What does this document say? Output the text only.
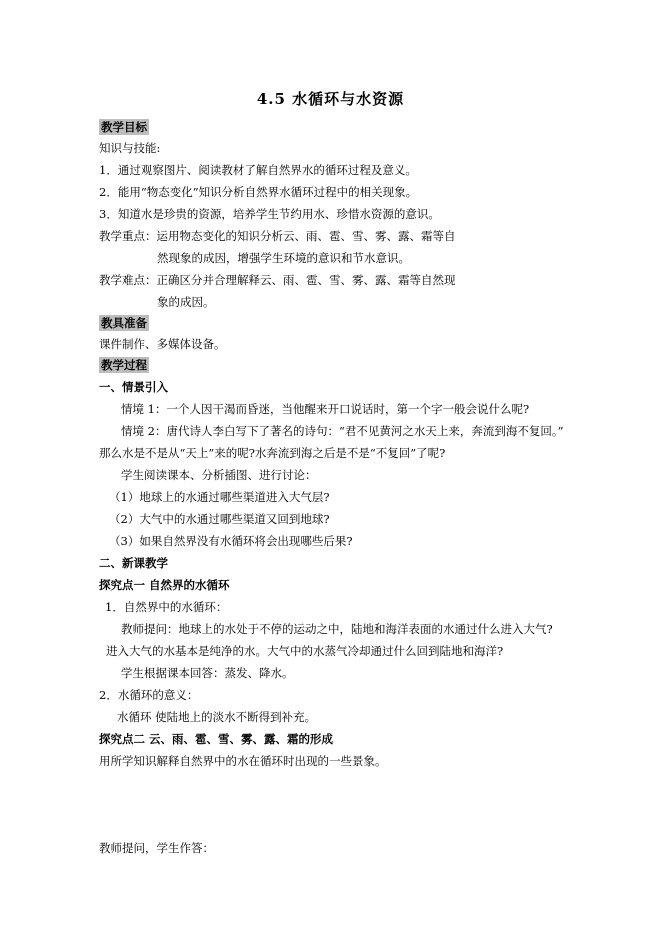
4.5 水循环与水资源
教学目标
知识与技能:
1．通过观察图片、阅读教材了解自然界水的循环过程及意义。
2．能用“物态变化”知识分析自然界水循环过程中的相关现象。
3．知道水是珍贵的资源，培养学生节约用水、珍惜水资源的意识。
教学重点：运用物态变化的知识分析云、雨、雹、雪、雾、露、霜等自
然现象的成因，增强学生环境的意识和节水意识。
教学难点：正确区分并合理解释云、雨、雹、雪、雾、露、霜等自然现
象的成因。
教具准备
课件制作、多媒体设备。
教学过程
一、情景引入
情境 1：一个人因干渴而昏迷，当他醒来开口说话时，第一个字一般会说什么呢?
情境 2：唐代诗人李白写下了著名的诗句：“君不见黄河之水天上来，奔流到海不复回。”
那么水是不是从“天上”来的呢?水奔流到海之后是不是“不复回”了呢?
学生阅读课本、分析插图、进行讨论：
（1）地球上的水通过哪些渠道进入大气层?
（2）大气中的水通过哪些渠道又回到地球?
（3）如果自然界没有水循环将会出现哪些后果?
二、新课教学
探究点一 自然界的水循环
1．自然界中的水循环：
教师提问：地球上的水处于不停的运动之中，陆地和海洋表面的水通过什么进入大气?
进入大气的水基本是纯净的水。大气中的水蒸气冷却通过什么回到陆地和海洋?
学生根据课本回答：蒸发、降水。
2．水循环的意义：
水循环 使陆地上的淡水不断得到补充。
探究点二 云、雨、雹、雪、雾、露、霜的形成
用所学知识解释自然界中的水在循环时出现的一些景象。
教师提问，学生作答：
